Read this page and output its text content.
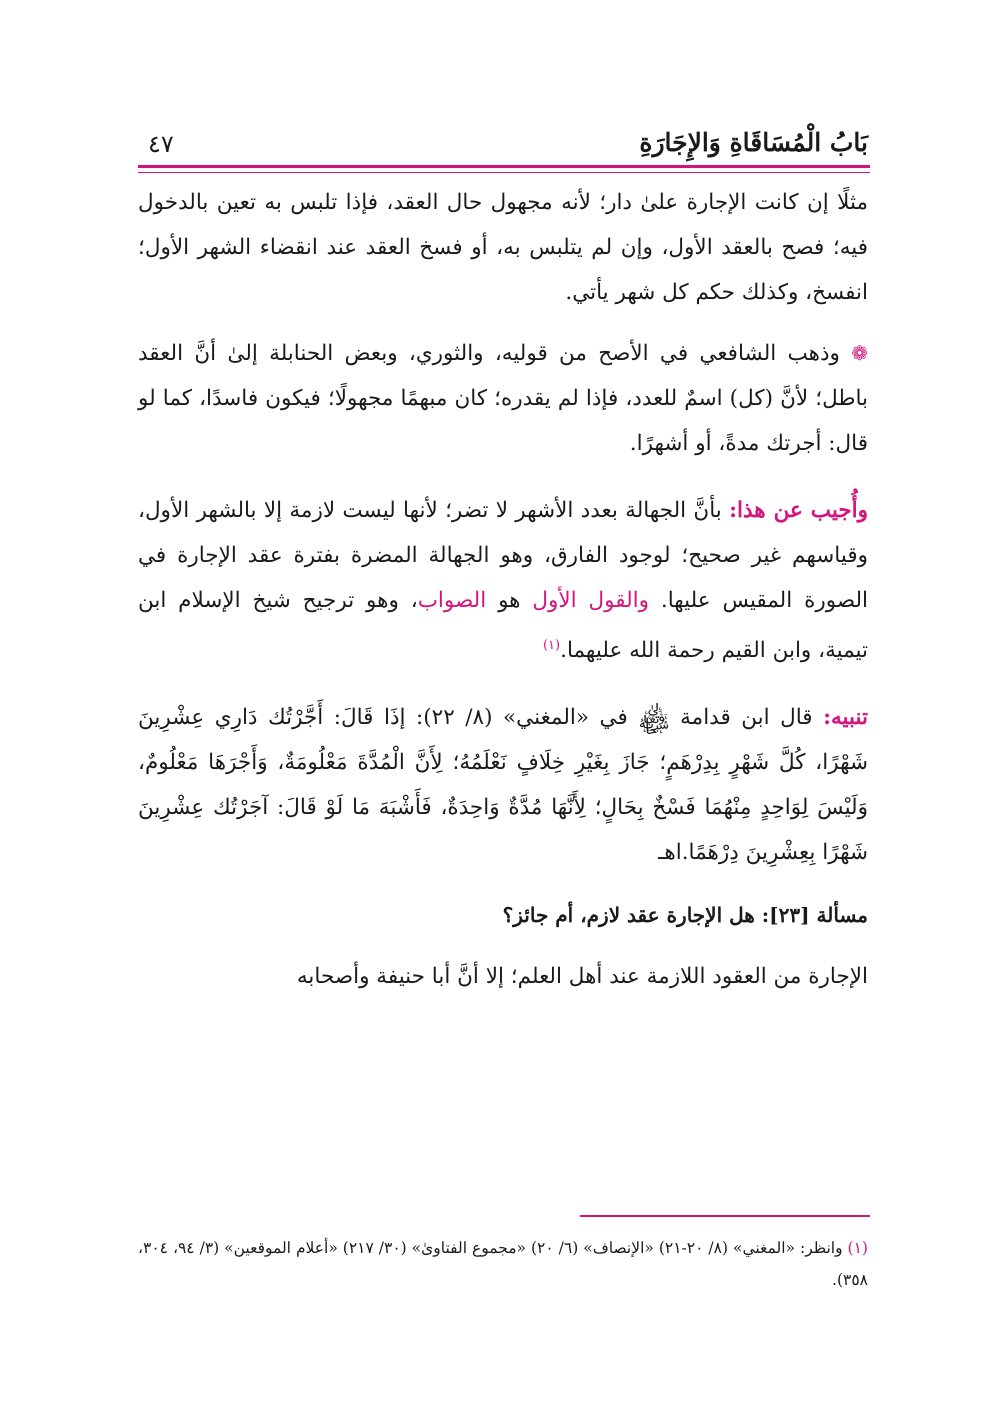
بَابُ الْمُسَاقَاةِ وَالإِجَارَةِ
٤٧

مثلًا إن كانت الإجارة علىٰ دار؛ لأنه مجهول حال العقد، فإذا تلبس به تعين بالدخول فيه؛ فصح بالعقد الأول، وإن لم يتلبس به، أو فسخ العقد عند انقضاء الشهر الأول؛ انفسخ، وكذلك حكم كل شهر يأتي.

❁ وذهب الشافعي في الأصح من قوليه، والثوري، وبعض الحنابلة إلىٰ أنَّ العقد باطل؛ لأنَّ (كل) اسمٌ للعدد، فإذا لم يقدره؛ كان مبهمًا مجهولًا؛ فيكون فاسدًا، كما لو قال: أجرتك مدةً، أو أشهرًا.

وأُجيب عن هذا: بأنَّ الجهالة بعدد الأشهر لا تضر؛ لأنها ليست لازمة إلا بالشهر الأول، وقياسهم غير صحيح؛ لوجود الفارق، وهو الجهالة المضرة بفترة عقد الإجارة في الصورة المقيس عليها. والقول الأول هو الصواب، وهو ترجيح شيخ الإسلام ابن تيمية، وابن القيم رحمة الله عليهما.$^{(١)}$

تنبيه: قال ابن قدامة ﷾ في «المغني» (٨/ ٢٢): إذَا قَالَ: أَجَّرْتُك دَارِي عِشْرِينَ شَهْرًا، كُلَّ شَهْرٍ بِدِرْهَمٍ؛ جَازَ بِغَيْرِ خِلَافٍ نَعْلَمُهُ؛ لِأَنَّ الْمُدَّةَ مَعْلُومَةٌ، وَأَجْرَهَا مَعْلُومٌ، وَلَيْسَ لِوَاحِدٍ مِنْهُمَا فَسْخٌ بِحَالٍ؛ لِأَنَّهَا مُدَّةٌ وَاحِدَةٌ، فَأَشْبَهَ مَا لَوْ قَالَ: آجَرْتُك عِشْرِينَ شَهْرًا بِعِشْرِينَ دِرْهَمًا.اهـ

مسألة [٢٣]: هل الإجارة عقد لازم، أم جائز؟

الإجارة من العقود اللازمة عند أهل العلم؛ إلا أنَّ أبا حنيفة وأصحابه

(١) وانظر: «المغني» (٨/ ٢٠-٢١) «الإنصاف» (٦/ ٢٠) «مجموع الفتاوىٰ» (٣٠/ ٢١٧) «أعلام الموقعين» (٣/ ٩٤، ٣٠٤، ٣٥٨).
